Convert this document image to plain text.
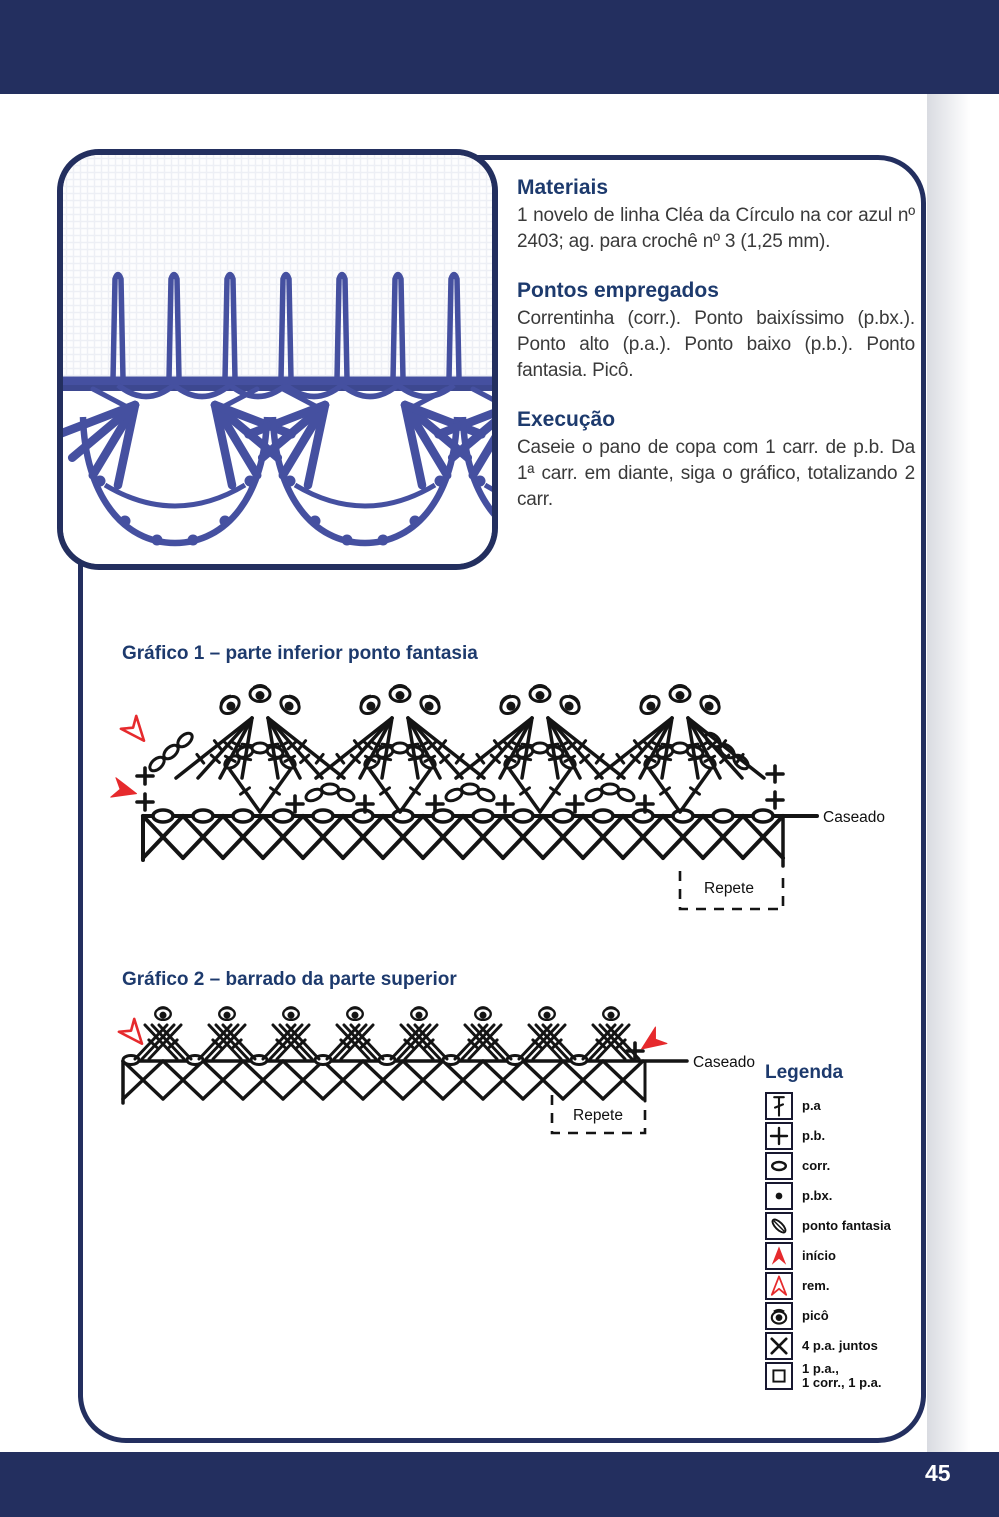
Materiais

1 novelo de linha Cléa da Círculo na cor azul nº 2403; ag. para crochê nº 3 (1,25 mm).

Pontos empregados

Correntinha (corr.). Ponto baixíssimo (p.bx.). Ponto alto (p.a.). Ponto baixo (p.b.). Ponto fantasia. Picô.

Execução

Caseie o pano de copa com 1 carr. de p.b. Da 1ª carr. em diante, siga o gráfico, totalizando 2 carr.

Gráfico 1 – parte inferior ponto fantasia
Caseado
Repete
Gráfico 2 – barrado da parte superior
Caseado
Repete
Legenda
p.a
p.b.
corr.
p.bx.
ponto fantasia
início
rem.
picô
4 p.a. juntos
1 p.a.,
1 corr., 1 p.a.
45
